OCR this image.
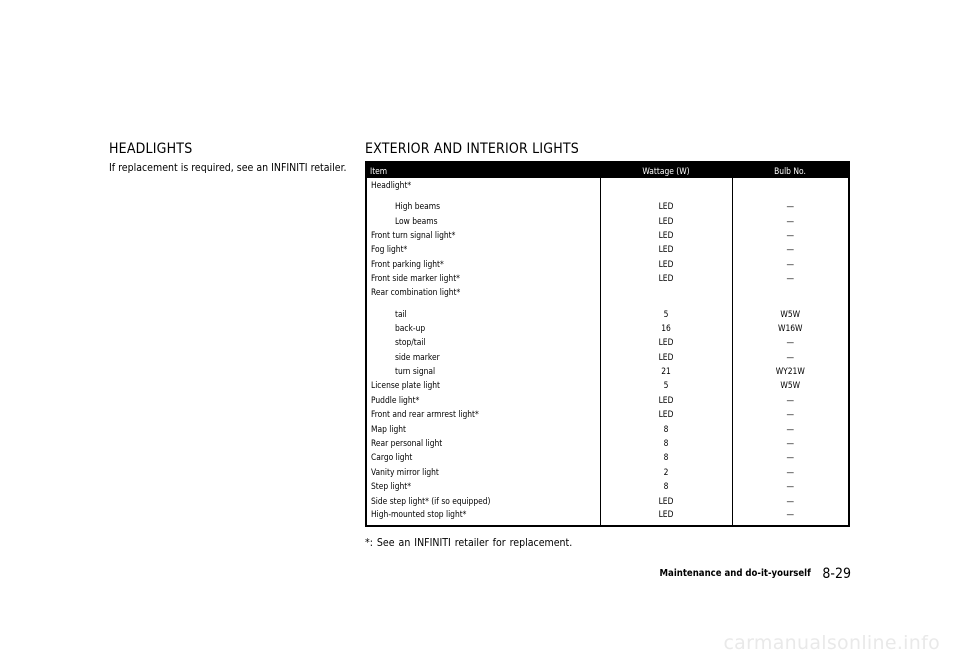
HEADLIGHTS

If replacement is required, see an INFINITI retailer.

EXTERIOR AND INTERIOR LIGHTS
Item	Wattage (W)	Bulb No.
Headlight*		
High beams	LED	—
Low beams	LED	—
Front turn signal light*	LED	—
Fog light*	LED	—
Front parking light*	LED	—
Front side marker light*	LED	—
Rear combination light*		
tail	5	W5W
back-up	16	W16W
stop/tail	LED	—
side marker	LED	—
turn signal	21	WY21W
License plate light	5	W5W
Puddle light*	LED	—
Front and rear armrest light*	LED	—
Map light	8	—
Rear personal light	8	—
Cargo light	8	—
Vanity mirror light	2	—
Step light*	8	—
Side step light* (if so equipped)	LED	—
High-mounted stop light*	LED	—

*: See an INFINITI retailer for replacement.

Maintenance and do-it-yourself 8-29
carmanualsonline.info
